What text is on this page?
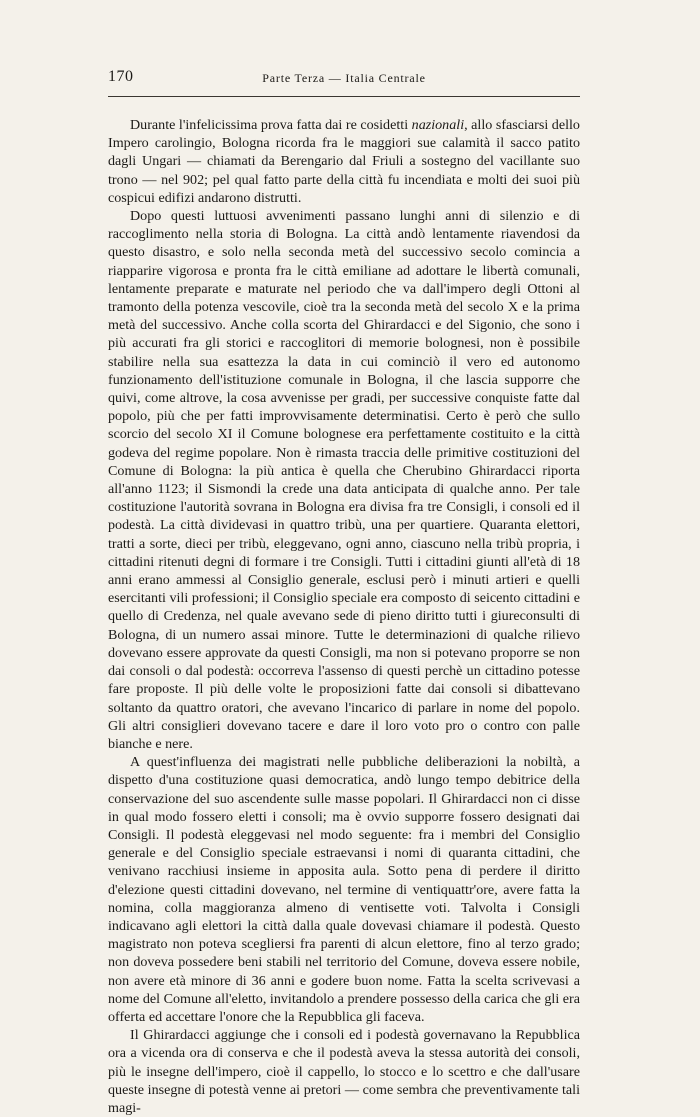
170	Parte Terza — Italia Centrale

Durante l'infelicissima prova fatta dai re cosidetti nazionali, allo sfasciarsi dello Impero carolingio, Bologna ricorda fra le maggiori sue calamità il sacco patito dagli Ungari — chiamati da Berengario dal Friuli a sostegno del vacillante suo trono — nel 902; pel qual fatto parte della città fu incendiata e molti dei suoi più cospicui edifizi andarono distrutti.

Dopo questi luttuosi avvenimenti passano lunghi anni di silenzio e di raccoglimento nella storia di Bologna. La città andò lentamente riavendosi da questo disastro, e solo nella seconda metà del successivo secolo comincia a riapparire vigorosa e pronta fra le città emiliane ad adottare le libertà comunali, lentamente preparate e maturate nel periodo che va dall'impero degli Ottoni al tramonto della potenza vescovile, cioè tra la seconda metà del secolo X e la prima metà del successivo. Anche colla scorta del Ghirardacci e del Sigonio, che sono i più accurati fra gli storici e raccoglitori di memorie bolognesi, non è possibile stabilire nella sua esattezza la data in cui cominciò il vero ed autonomo funzionamento dell'istituzione comunale in Bologna, il che lascia supporre che quivi, come altrove, la cosa avvenisse per gradi, per successive conquiste fatte dal popolo, più che per fatti improvvisamente determinatisi. Certo è però che sullo scorcio del secolo XI il Comune bolognese era perfettamente costituito e la città godeva del regime popolare. Non è rimasta traccia delle primitive costituzioni del Comune di Bologna: la più antica è quella che Cherubino Ghirardacci riporta all'anno 1123; il Sismondi la crede una data anticipata di qualche anno. Per tale costituzione l'autorità sovrana in Bologna era divisa fra tre Consigli, i consoli ed il podestà. La città dividevasi in quattro tribù, una per quartiere. Quaranta elettori, tratti a sorte, dieci per tribù, eleggevano, ogni anno, ciascuno nella tribù propria, i cittadini ritenuti degni di formare i tre Consigli. Tutti i cittadini giunti all'età di 18 anni erano ammessi al Consiglio generale, esclusi però i minuti artieri e quelli esercitanti vili professioni; il Consiglio speciale era composto di seicento cittadini e quello di Credenza, nel quale avevano sede di pieno diritto tutti i giureconsulti di Bologna, di un numero assai minore. Tutte le determinazioni di qualche rilievo dovevano essere approvate da questi Consigli, ma non si potevano proporre se non dai consoli o dal podestà: occorreva l'assenso di questi perchè un cittadino potesse fare proposte. Il più delle volte le proposizioni fatte dai consoli si dibattevano soltanto da quattro oratori, che avevano l'incarico di parlare in nome del popolo. Gli altri consiglieri dovevano tacere e dare il loro voto pro o contro con palle bianche e nere.

A quest'influenza dei magistrati nelle pubbliche deliberazioni la nobiltà, a dispetto d'una costituzione quasi democratica, andò lungo tempo debitrice della conservazione del suo ascendente sulle masse popolari. Il Ghirardacci non ci disse in qual modo fossero eletti i consoli; ma è ovvio supporre fossero designati dai Consigli. Il podestà eleggevasi nel modo seguente: fra i membri del Consiglio generale e del Consiglio speciale estraevansi i nomi di quaranta cittadini, che venivano racchiusi insieme in apposita aula. Sotto pena di perdere il diritto d'elezione questi cittadini dovevano, nel termine di ventiquattr'ore, avere fatta la nomina, colla maggioranza almeno di ventisette voti. Talvolta i Consigli indicavano agli elettori la città dalla quale dovevasi chiamare il podestà. Questo magistrato non poteva scegliersi fra parenti di alcun elettore, fino al terzo grado; non doveva possedere beni stabili nel territorio del Comune, doveva essere nobile, non avere età minore di 36 anni e godere buon nome. Fatta la scelta scrivevasi a nome del Comune all'eletto, invitandolo a prendere possesso della carica che gli era offerta ed accettare l'onore che la Repubblica gli faceva.

Il Ghirardacci aggiunge che i consoli ed i podestà governavano la Repubblica ora a vicenda ora di conserva e che il podestà aveva la stessa autorità dei consoli, più le insegne dell'impero, cioè il cappello, lo stocco e lo scettro e che dall'usare queste insegne di potestà venne ai pretori — come sembra che preventivamente tali magi-
